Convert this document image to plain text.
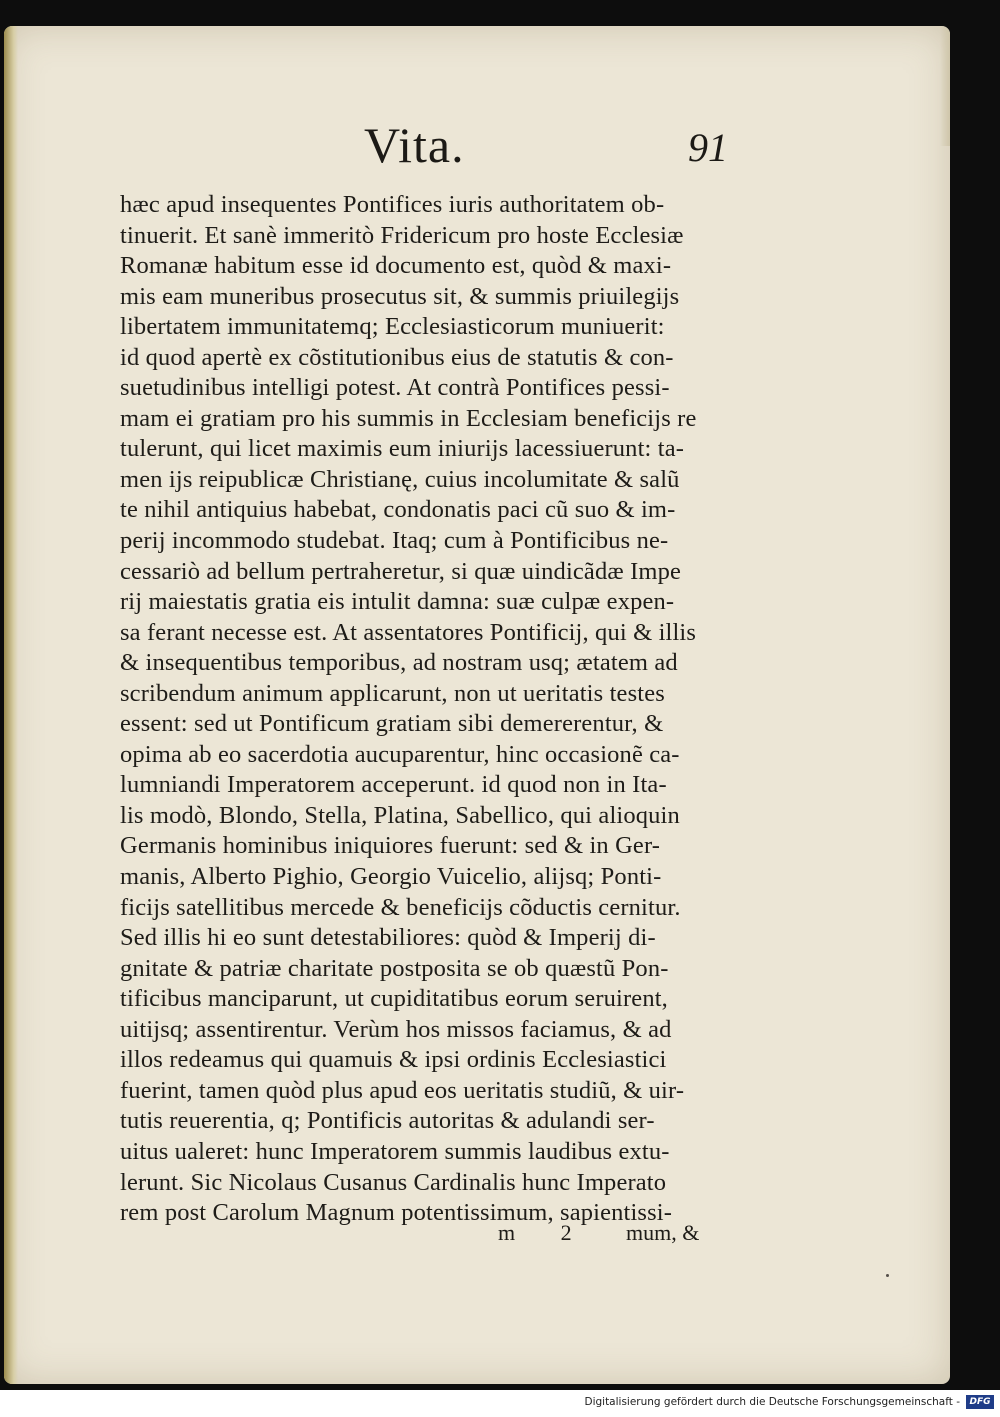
Vita.	91
hæc apud insequentes Pontifices iuris authoritatem ob-
tinuerit. Et sanè immeritò Fridericum pro hoste Ecclesiæ
Romanæ habitum esse id documento est, quòd & maxi-
mis eam muneribus prosecutus sit, & summis priuilegijs
libertatem immunitatemq; Ecclesiasticorum muniuerit:
id quod apertè ex cõstitutionibus eius de statutis & con-
suetudinibus intelligi potest. At contrà Pontifices pessi-
mam ei gratiam pro his summis in Ecclesiam beneficijs re
tulerunt, qui licet maximis eum iniurijs lacessiuerunt: ta-
men ijs reipublicæ Christianę, cuius incolumitate & salũ
te nihil antiquius habebat, condonatis paci cũ suo & im-
perij incommodo studebat. Itaq; cum à Pontificibus ne-
cessariò ad bellum pertraheretur, si quæ uindicãdæ Impe
rij maiestatis gratia eis intulit damna: suæ culpæ expen-
sa ferant necesse est. At assentatores Pontificij, qui & illis
& insequentibus temporibus, ad nostram usq; ætatem ad
scribendum animum applicarunt, non ut ueritatis testes
essent: sed ut Pontificum gratiam sibi demererentur, &
opima ab eo sacerdotia aucuparentur, hinc occasionẽ ca-
lumniandi Imperatorem acceperunt. id quod non in Ita-
lis modò, Blondo, Stella, Platina, Sabellico, qui alioquin
Germanis hominibus iniquiores fuerunt: sed & in Ger-
manis, Alberto Pighio, Georgio Vuicelio, alijsq; Ponti-
ficijs satellitibus mercede & beneficijs cõductis cernitur.
Sed illis hi eo sunt detestabiliores: quòd & Imperij di-
gnitate & patriæ charitate postposita se ob quæstũ Pon-
tificibus manciparunt, ut cupiditatibus eorum seruirent,
uitijsq; assentirentur. Verùm hos missos faciamus, & ad
illos redeamus qui quamuis & ipsi ordinis Ecclesiastici
fuerint, tamen quòd plus apud eos ueritatis studiũ, & uir-
tutis reuerentia, q; Pontificis autoritas & adulandi ser-
uitus ualeret: hunc Imperatorem summis laudibus extu-
lerunt. Sic Nicolaus Cusanus Cardinalis hunc Imperato
rem post Carolum Magnum potentissimum, sapientissi-
m 2 mum, &
Digitalisierung gefördert durch die Deutsche Forschungsgemeinschaft -	DFG
